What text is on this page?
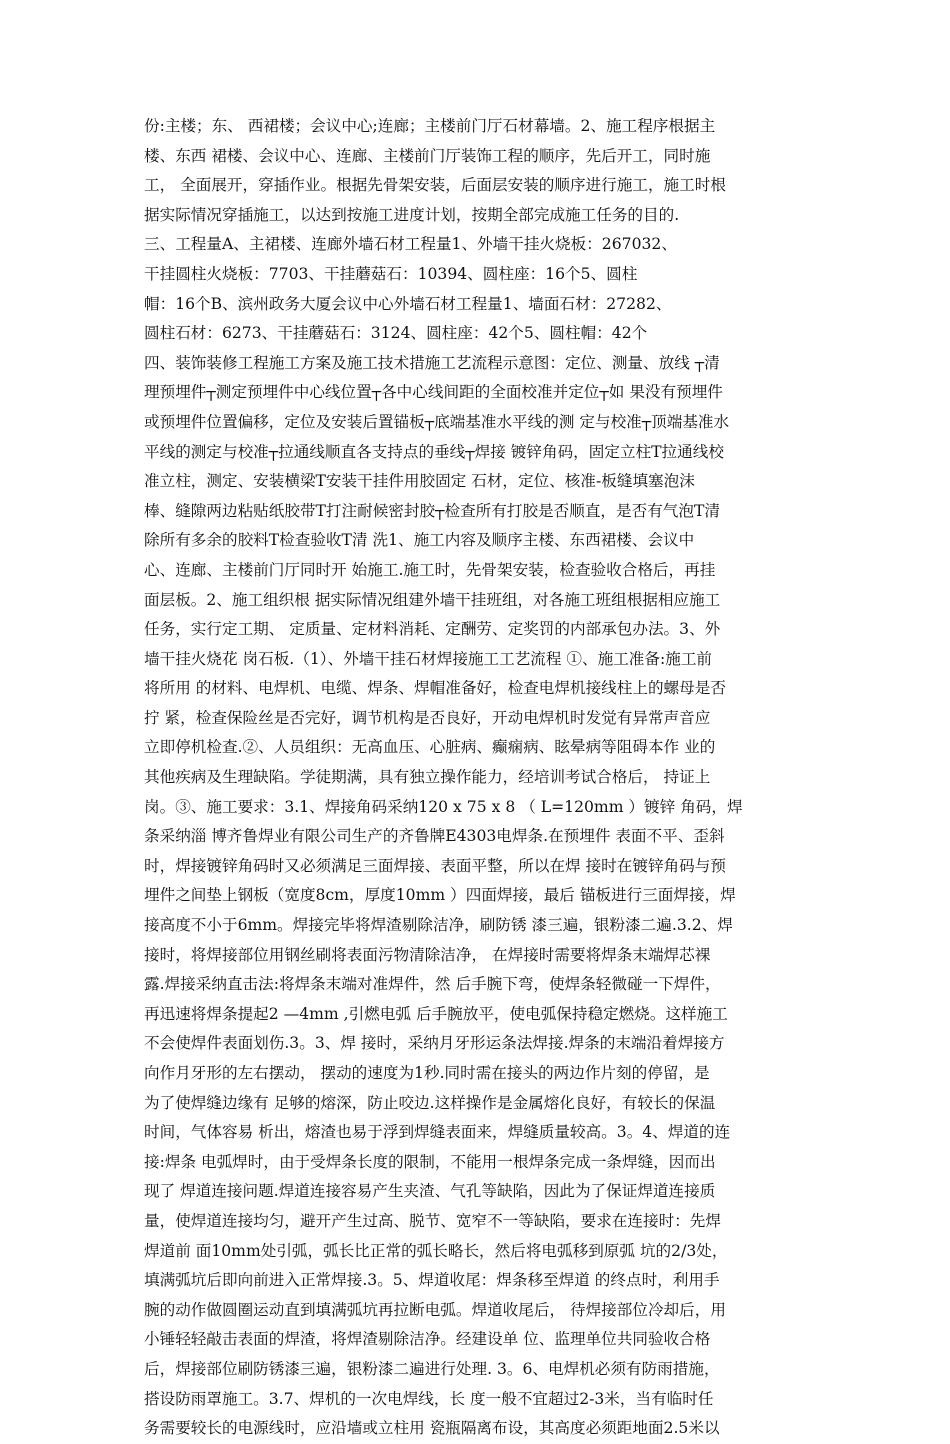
份:主楼；东、 西裙楼；会议中心;连廊；主楼前门厅石材幕墙。2、施工程序根据主
楼、东西 裙楼、会议中心、连廊、主楼前门厅装饰工程的顺序，先后开工，同时施
工， 全面展开，穿插作业。根据先骨架安装，后面层安装的顺序进行施工，施工时根
据实际情况穿插施工，以达到按施工进度计划，按期全部完成施工任务的目的.
三、工程量A、主裙楼、连廊外墙石材工程量1、外墙干挂火烧板：267032、
干挂圆柱火烧板：7703、干挂蘑菇石：10394、圆柱座：16个5、圆柱
帽：16个B、滨州政务大厦会议中心外墙石材工程量1、墙面石材：27282、
圆柱石材：6273、干挂蘑菇石：3124、圆柱座：42个5、圆柱帽：42个
四、装饰装修工程施工方案及施工技术措施工艺流程示意图：定位、测量、放线 ┬清
理预埋件┬测定预埋件中心线位置┬各中心线间距的全面校准并定位┬如 果没有预埋件
或预埋件位置偏移，定位及安装后置锚板┬底端基准水平线的测 定与校准┬顶端基准水
平线的测定与校准┬拉通线顺直各支持点的垂线┬焊接 镀锌角码，固定立柱T拉通线校
准立柱，测定、安装横梁T安装干挂件用胶固定 石材，定位、核准-板缝填塞泡沫
棒、缝隙两边粘贴纸胶带T打注耐候密封胶┬检查所有打胶是否顺直，是否有气泡T清
除所有多余的胶料T检查验收T清 洗1、施工内容及顺序主楼、东西裙楼、会议中
心、连廊、主楼前门厅同时开 始施工.施工时，先骨架安装，检查验收合格后，再挂
面层板。2、施工组织根 据实际情况组建外墙干挂班组，对各施工班组根据相应施工
任务，实行定工期、 定质量、定材料消耗、定酬劳、定奖罚的内部承包办法。3、外
墙干挂火烧花 岗石板.（1）、外墙干挂石材焊接施工工艺流程 ①、施工准备:施工前
将所用 的材料、电焊机、电缆、焊条、焊帽准备好，检查电焊机接线柱上的螺母是否
拧 紧，检查保险丝是否完好，调节机构是否良好，开动电焊机时发觉有异常声音应
立即停机检查.②、人员组织：无高血压、心脏病、癫痫病、眩晕病等阻碍本作 业的
其他疾病及生理缺陷。学徒期满，具有独立操作能力，经培训考试合格后， 持证上
岗。③、施工要求：3.1、焊接角码采纳120 x 75 x 8 （ L=120mm ）镀锌 角码，焊
条采纳淄 博齐鲁焊业有限公司生产的齐鲁牌E4303电焊条.在预埋件 表面不平、歪斜
时，焊接镀锌角码时又必须满足三面焊接、表面平整，所以在焊 接时在镀锌角码与预
埋件之间垫上钢板（宽度8cm，厚度10mm ）四面焊接，最后 锚板进行三面焊接，焊
接高度不小于6mm。焊接完毕将焊渣剔除洁净，刷防锈 漆三遍，银粉漆二遍.3.2、焊
接时，将焊接部位用钢丝刷将表面污物清除洁净， 在焊接时需要将焊条末端焊芯裸
露.焊接采纳直击法:将焊条末端对准焊件，然 后手腕下弯，使焊条轻微碰一下焊件，
再迅速将焊条提起2 —4mm ,引燃电弧 后手腕放平，使电弧保持稳定燃烧。这样施工
不会使焊件表面划伤.3。3、焊 接时，采纳月牙形运条法焊接.焊条的末端沿着焊接方
向作月牙形的左右摆动， 摆动的速度为1秒.同时需在接头的两边作片刻的停留，是
为了使焊缝边缘有 足够的熔深，防止咬边.这样操作是金属熔化良好，有较长的保温
时间，气体容易 析出，熔渣也易于浮到焊缝表面来，焊缝质量较高。3。4、焊道的连
接:焊条 电弧焊时，由于受焊条长度的限制，不能用一根焊条完成一条焊缝，因而出
现了 焊道连接问题.焊道连接容易产生夹渣、气孔等缺陷，因此为了保证焊道连接质
量，使焊道连接均匀，避开产生过高、脱节、宽窄不一等缺陷，要求在连接时：先焊
焊道前 面10mm处引弧，弧长比正常的弧长略长，然后将电弧移到原弧 坑的2/3处，
填满弧坑后即向前进入正常焊接.3。5、焊道收尾：焊条移至焊道 的终点时，利用手
腕的动作做圆圈运动直到填满弧坑再拉断电弧。焊道收尾后， 待焊接部位冷却后，用
小锤轻轻敲击表面的焊渣，将焊渣剔除洁净。经建设单 位、监理单位共同验收合格
后，焊接部位刷防锈漆三遍，银粉漆二遍进行处理. 3。6、电焊机必须有防雨措施，
搭设防雨罩施工。3.7、焊机的一次电焊线，长 度一般不宜超过2-3米，当有临时任
务需要较长的电源线时，应沿墙或立柱用 瓷瓶隔离布设，其高度必须距地面2.5米以
